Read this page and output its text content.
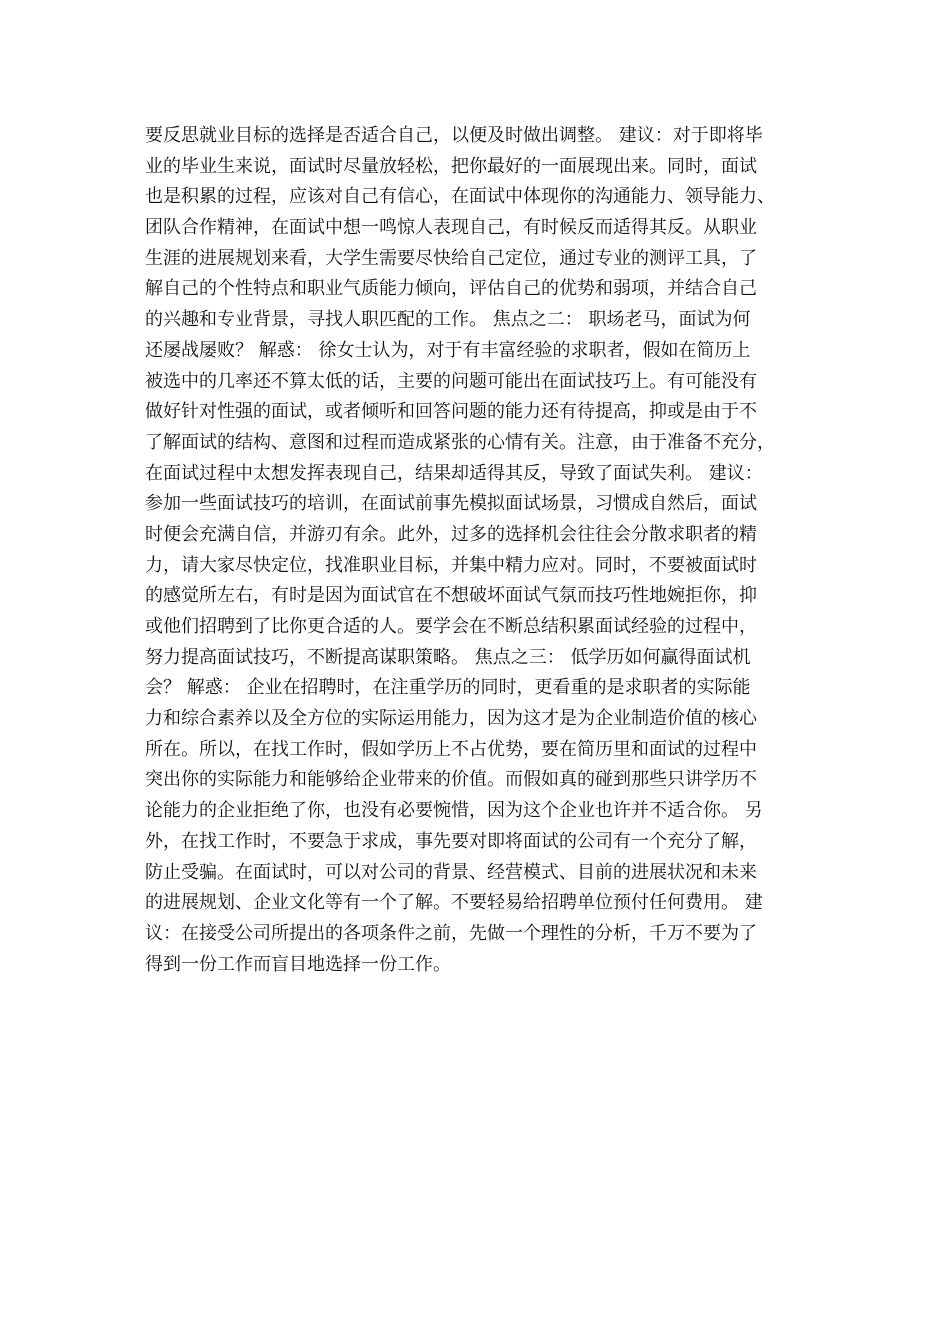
要反思就业目标的选择是否适合自己，以便及时做出调整。 建议：对于即将毕
业的毕业生来说，面试时尽量放轻松，把你最好的一面展现出来。同时，面试
也是积累的过程，应该对自己有信心，在面试中体现你的沟通能力、领导能力、
团队合作精神，在面试中想一鸣惊人表现自己，有时候反而适得其反。从职业
生涯的进展规划来看，大学生需要尽快给自己定位，通过专业的测评工具，了
解自己的个性特点和职业气质能力倾向，评估自己的优势和弱项，并结合自己
的兴趣和专业背景，寻找人职匹配的工作。 焦点之二： 职场老马，面试为何
还屡战屡败？ 解惑： 徐女士认为，对于有丰富经验的求职者，假如在简历上
被选中的几率还不算太低的话，主要的问题可能出在面试技巧上。有可能没有
做好针对性强的面试，或者倾听和回答问题的能力还有待提高，抑或是由于不
了解面试的结构、意图和过程而造成紧张的心情有关。注意，由于准备不充分，
在面试过程中太想发挥表现自己，结果却适得其反，导致了面试失利。 建议：
参加一些面试技巧的培训，在面试前事先模拟面试场景，习惯成自然后，面试
时便会充满自信，并游刃有余。此外，过多的选择机会往往会分散求职者的精
力，请大家尽快定位，找准职业目标，并集中精力应对。同时，不要被面试时
的感觉所左右，有时是因为面试官在不想破坏面试气氛而技巧性地婉拒你，抑
或他们招聘到了比你更合适的人。要学会在不断总结积累面试经验的过程中，
努力提高面试技巧，不断提高谋职策略。 焦点之三： 低学历如何赢得面试机
会？ 解惑： 企业在招聘时，在注重学历的同时，更看重的是求职者的实际能
力和综合素养以及全方位的实际运用能力，因为这才是为企业制造价值的核心
所在。所以，在找工作时，假如学历上不占优势，要在简历里和面试的过程中
突出你的实际能力和能够给企业带来的价值。而假如真的碰到那些只讲学历不
论能力的企业拒绝了你，也没有必要惋惜，因为这个企业也许并不适合你。 另
外，在找工作时，不要急于求成，事先要对即将面试的公司有一个充分了解，
防止受骗。在面试时，可以对公司的背景、经营模式、目前的进展状况和未来
的进展规划、企业文化等有一个了解。不要轻易给招聘单位预付任何费用。 建
议：在接受公司所提出的各项条件之前，先做一个理性的分析，千万不要为了
得到一份工作而盲目地选择一份工作。
